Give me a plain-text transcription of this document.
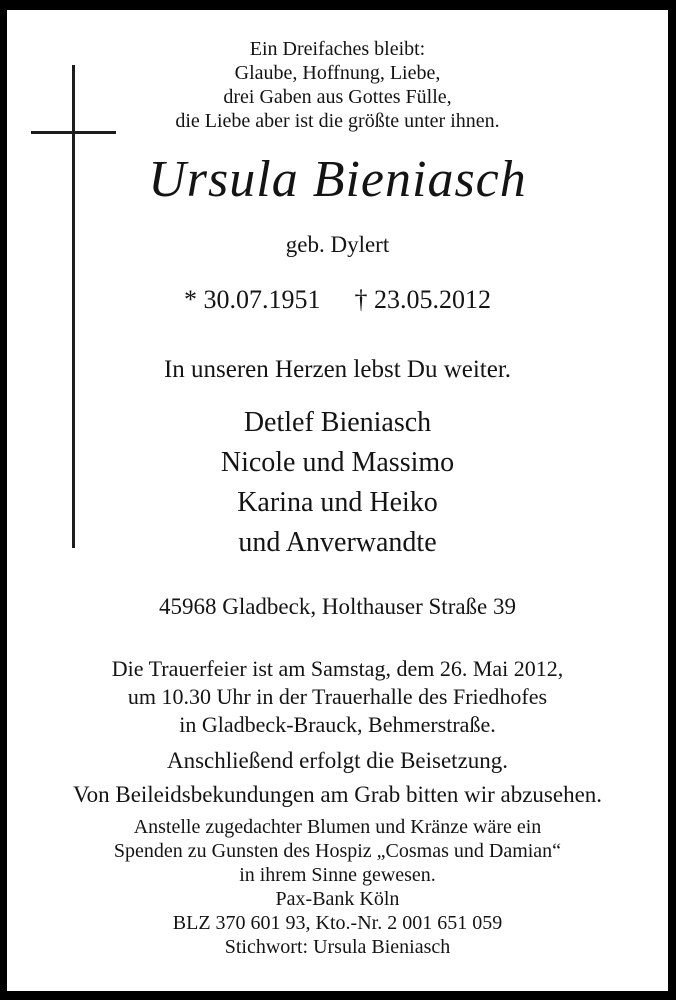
Ein Dreifaches bleibt:
Glaube, Hoffnung, Liebe,
drei Gaben aus Gottes Fülle,
die Liebe aber ist die größte unter ihnen.
Ursula Bieniasch
geb. Dylert
* 30.07.1951 † 23.05.2012
In unseren Herzen lebst Du weiter.
Detlef Bieniasch
Nicole und Massimo
Karina und Heiko
und Anverwandte
45968 Gladbeck, Holthauser Straße 39
Die Trauerfeier ist am Samstag, dem 26. Mai 2012,
um 10.30 Uhr in der Trauerhalle des Friedhofes
in Gladbeck-Brauck, Behmerstraße.
Anschließend erfolgt die Beisetzung.
Von Beileidsbekundungen am Grab bitten wir abzusehen.
Anstelle zugedachter Blumen und Kränze wäre ein
Spenden zu Gunsten des Hospiz „Cosmas und Damian“
in ihrem Sinne gewesen.
Pax-Bank Köln
BLZ 370 601 93, Kto.-Nr. 2 001 651 059
Stichwort: Ursula Bieniasch
